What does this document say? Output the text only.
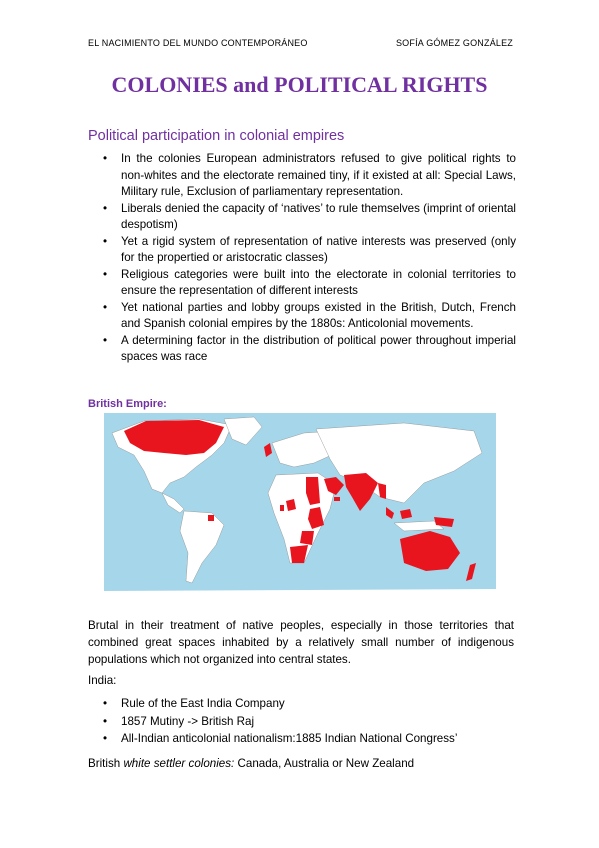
EL NACIMIENTO DEL MUNDO CONTEMPORÁNEO	SOFÍA GÓMEZ GONZÁLEZ
COLONIES and POLITICAL RIGHTS
Political participation in colonial empires
• In the colonies European administrators refused to give political rights to non-whites and the electorate remained tiny, if it existed at all: Special Laws, Military rule, Exclusion of parliamentary representation.
• Liberals denied the capacity of ‘natives’ to rule themselves (imprint of oriental despotism)
• Yet a rigid system of representation of native interests was preserved (only for the propertied or aristocratic classes)
• Religious categories were built into the electorate in colonial territories to ensure the representation of different interests
• Yet national parties and lobby groups existed in the British, Dutch, French and Spanish colonial empires by the 1880s: Anticolonial movements.
• A determining factor in the distribution of political power throughout imperial spaces was race
British Empire:

Brutal in their treatment of native peoples, especially in those territories that combined great spaces inhabited by a relatively small number of indigenous populations which not organized into central states.

India:
• Rule of the East India Company
• 1857 Mutiny -> British Raj
• All-Indian anticolonial nationalism:1885 Indian National Congress’
British white settler colonies: Canada, Australia or New Zealand
